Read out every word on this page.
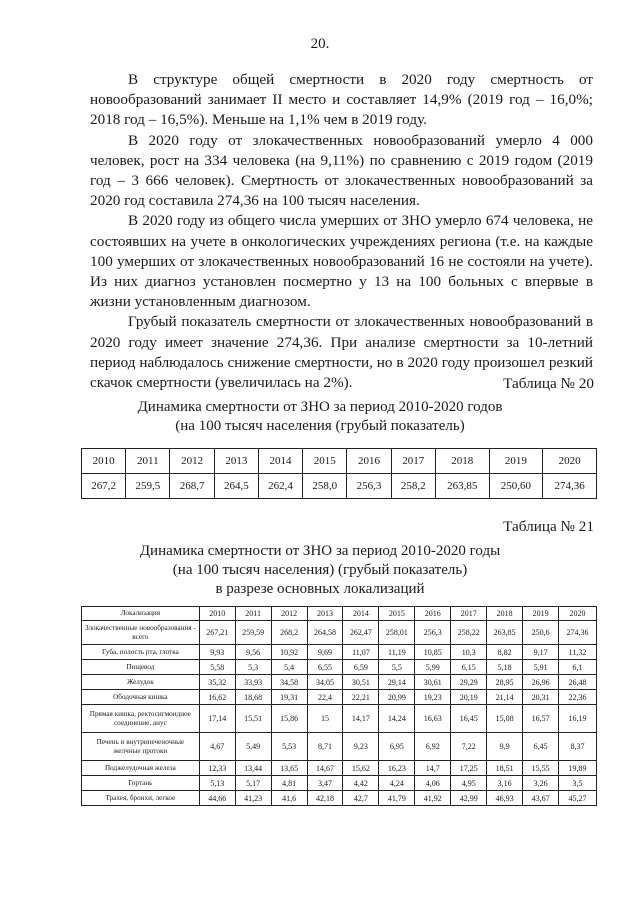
20.

В структуре общей смертности в 2020 году смертность от новообразований занимает II место и составляет 14,9% (2019 год – 16,0%; 2018 год – 16,5%). Меньше на 1,1% чем в 2019 году.

В 2020 году от злокачественных новообразований умерло 4 000 человек, рост на 334 человека (на 9,11%) по сравнению с 2019 годом (2019 год – 3 666 человек). Смертность от злокачественных новообразований за 2020 год составила 274,36 на 100 тысяч населения.

В 2020 году из общего числа умерших от ЗНО умерло 674 человека, не состоявших на учете в онкологических учреждениях региона (т.е. на каждые 100 умерших от злокачественных новообразований 16 не состояли на учете). Из них диагноз установлен посмертно у 13 на 100 больных с впервые в жизни установленным диагнозом.

Грубый показатель смертности от злокачественных новообразований в 2020 году имеет значение 274,36. При анализе смертности за 10-летний период наблюдалось снижение смертности, но в 2020 году произошел резкий скачок смертности (увеличилась на 2%).	Таблица № 20
Динамика смертности от ЗНО за период 2010-2020 годов
(на 100 тысяч населения (грубый показатель)
2010	2011	2012	2013	2014	2015	2016	2017	2018	2019	2020
267,2	259,5	268,7	264,5	262,4	258,0	256,3	258,2	263,85	250,60	274,36
Таблица № 21
Динамика смертности от ЗНО за период 2010-2020 годы
(на 100 тысяч населения) (грубый показатель)
в разрезе основных локализаций
Локализация	2010	2011	2012	2013	2014	2015	2016	2017	2018	2019	2020
Злокачественные новообразования - всего	267,21	259,59	268,2	264,58	262,47	258,01	256,3	258,22	263,85	250,6	274,36
Губа, полость рта, глотка	9,93	9,56	10,92	9,69	11,07	11,19	10,85	10,3	8,82	9,17	11,32
Пищевод	5,58	5,3	5,4	6,55	6,59	5,5	5,99	6,15	5,18	5,91	6,1
Желудок	35,32	33,93	34,58	34,05	30,51	29,14	30,61	29,29	28,95	26,96	26,48
Ободочная кишка	16,62	18,68	19,31	22,4	22,21	20,99	19,23	20,19	21,14	20,31	22,36
Прямая кишка, ректосигмоидное соединение, анус	17,14	15,51	15,86	15	14,17	14,24	16,63	16,45	15,08	16,57	16,19
Печень и внутрипеченочные желчные протоки	4,67	5,49	5,53	8,71	9,23	6,95	6,92	7,22	9,9	6,45	8,37
Поджелудочная железа	12,33	13,44	13,65	14,67	15,62	16,23	14,7	17,25	18,51	15,55	19,89
Гортань	5,13	5,17	4,81	3,47	4,42	4,24	4,06	4,95	3,16	3,26	3,5
Трахея, бронхи, легкое	44,66	41,23	41,6	42,18	42,7	41,79	41,92	42,99	46,93	43,67	45,27
